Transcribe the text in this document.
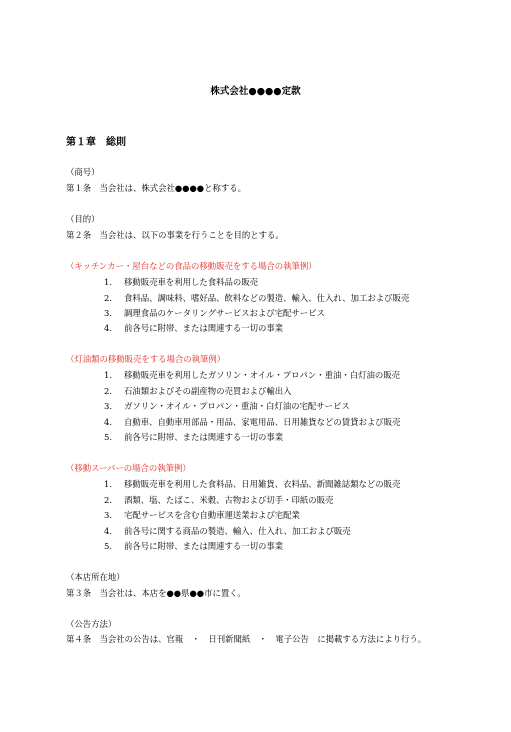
株式会社●●●●定款
第１章　総則
（商号）
第１条　当会社は、株式会社●●●●と称する。
（目的）
第２条　当会社は、以下の事業を行うことを目的とする。
（キッチンカー・屋台などの食品の移動販売をする場合の執筆例）
1. 移動販売車を利用した食料品の販売
2. 食料品、調味料、嗜好品、飲料などの製造、輸入、仕入れ、加工および販売
3. 調理食品のケータリングサービスおよび宅配サービス
4. 前各号に附帯、または関連する一切の事業
（灯油類の移動販売をする場合の執筆例）
1. 移動販売車を利用したガソリン・オイル・プロパン・重油・白灯油の販売
2. 石油類およびその副産物の売買および輸出入
3. ガソリン・オイル・プロパン・重油・白灯油の宅配サービス
4. 自動車、自動車用部品・用品、家電用品、日用雑貨などの賃貸および販売
5. 前各号に附帯、または関連する一切の事業
（移動スーパーの場合の執筆例）
1. 移動販売車を利用した食料品、日用雑貨、衣料品、新聞雑誌類などの販売
2. 酒類、塩、たばこ、米穀、古物および切手・印紙の販売
3. 宅配サービスを含む自動車運送業および宅配業
4. 前各号に関する商品の製造、輸入、仕入れ、加工および販売
5. 前各号に附帯、または関連する一切の事業
（本店所在地）
第３条　当会社は、本店を●●県●●市に置く。
（公告方法）
第４条　当会社の公告は、官報　・　日刊新聞紙　・　電子公告　に掲載する方法により行う。
